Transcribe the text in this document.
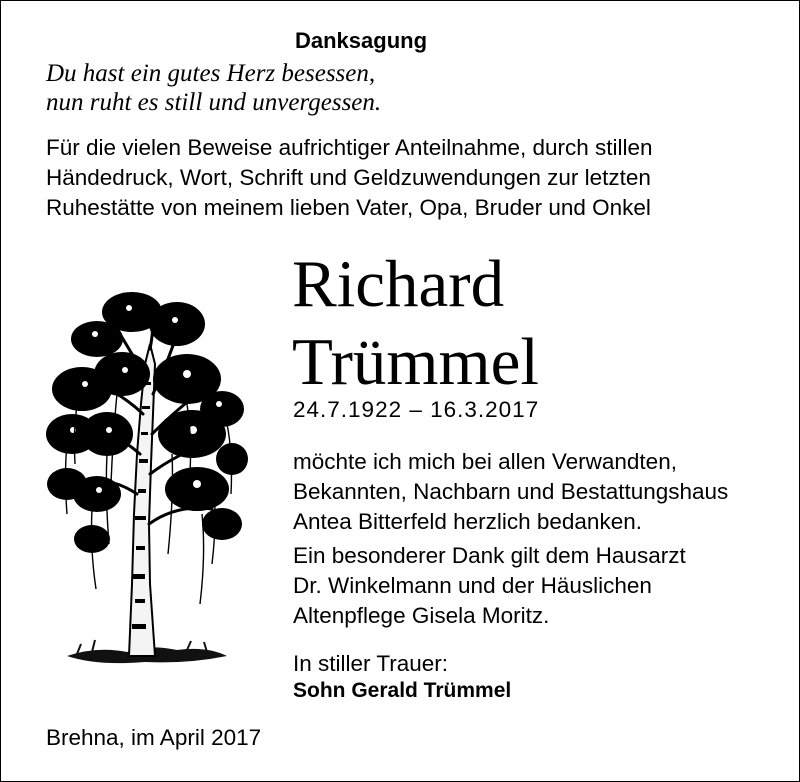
Danksagung
Du hast ein gutes Herz besessen,
nun ruht es still und unvergessen.
Für die vielen Beweise aufrichtiger Anteilnahme, durch stillen
Händedruck, Wort, Schrift und Geldzuwendungen zur letzten
Ruhestätte von meinem lieben Vater, Opa, Bruder und Onkel
Richard
Trümmel
24.7.1922 – 16.3.2017
möchte ich mich bei allen Verwandten,
Bekannten, Nachbarn und Bestattungshaus
Antea Bitterfeld herzlich bedanken.
Ein besonderer Dank gilt dem Hausarzt
Dr. Winkelmann und der Häuslichen
Altenpflege Gisela Moritz.
In stiller Trauer:
Sohn Gerald Trümmel
Brehna, im April 2017
